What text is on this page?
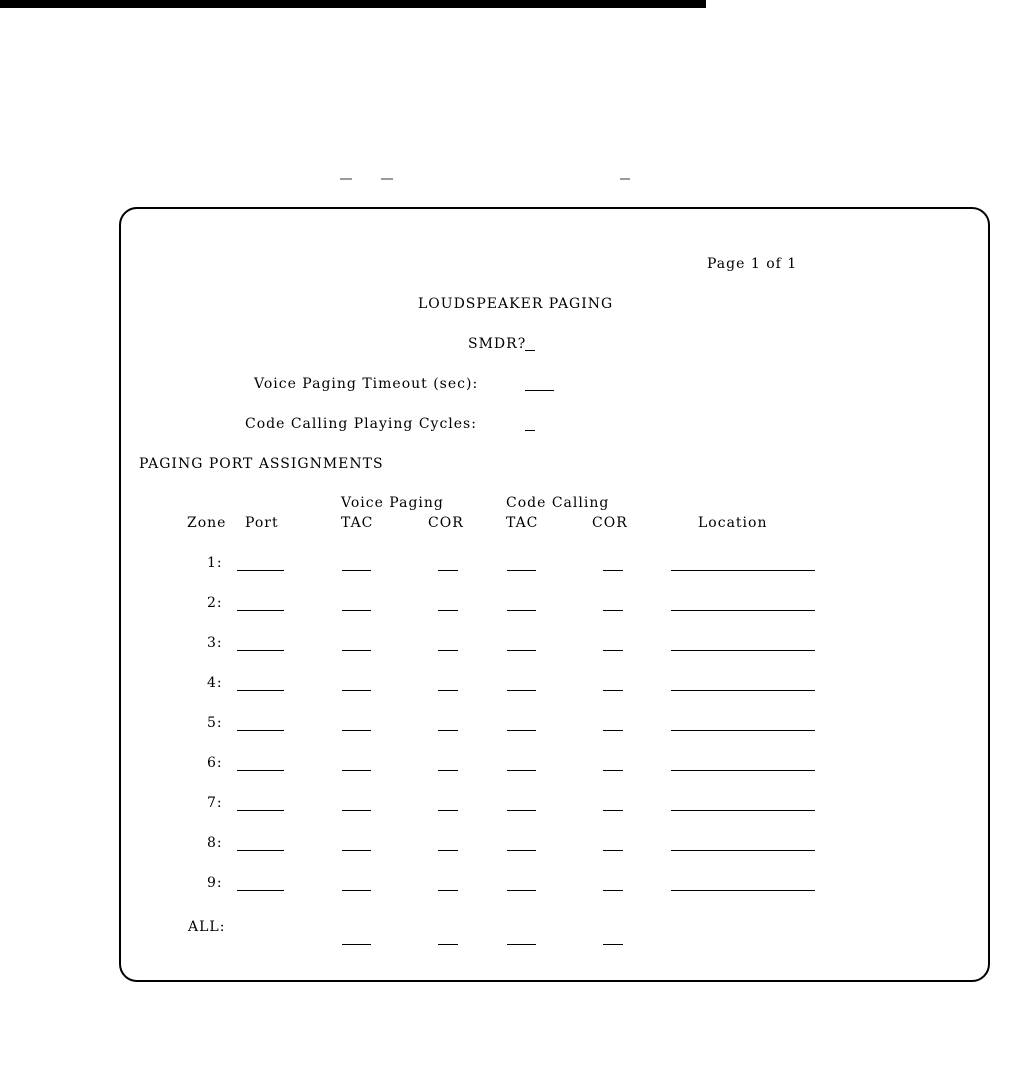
Page 1 of 1
LOUDSPEAKER PAGING
SMDR?
Voice Paging Timeout (sec):
Code Calling Playing Cycles:
PAGING PORT ASSIGNMENTS
Voice Paging	Code Calling
Zone Port	TAC	COR	TAC	COR	Location
1:
2:
3:
4:
5:
6:
7:
8:
9:
ALL:
